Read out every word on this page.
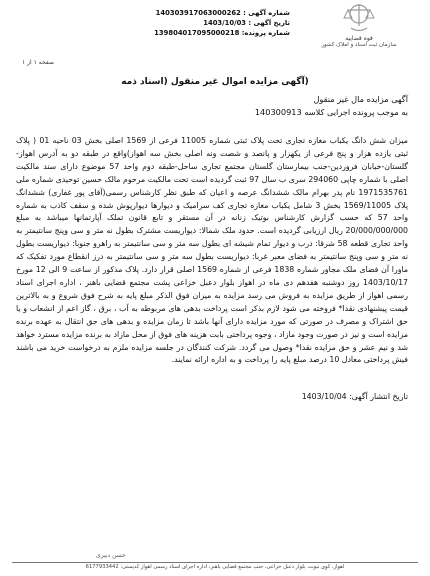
قوه قضاییه
سازمان ثبت اسناد و املاک کشور
شماره آگهی : 140303917063000262
تاریخ آگهی : 1403/10/03
شماره پرونده: 139804017095000218
صفحه ۱ از ۱
(آگهی مزایده اموال غیر منقول (اسناد ذمه
آگهی مزایده مال غیر منقول
به موجب پرونده اجرایی کلاسه 140300913

میزان شش دانگ یکباب مغازه تجاری تحت پلاک ثبتی شماره 11005 فرعی از 1569 اصلی بخش 03 ناحیه 01 ( پلاک ثبتی یازده هزار و پنج فرعی از یکهزار و پانصد و شصت ونه اصلی بخش سه اهواز)واقع در طبقه دو به آدرس اهواز-گلستان-خیابان فروردین-جنب بیمارستان گلستان مجتمع تجاری ساحل-طبقه دوم واحد 57 موضوع دارای سند مالکیت اصلی با شماره چاپی 294060 سری ب سال 97 ثبت گردیده است تحت مالکیت مرحوم مالک حسین توحیدی شماره ملی 1971535761 نام پدر بهرام مالک ششدانگ عرصه و اعیان که طبق نظر کارشناس رسمی(آقای پور غفاری) ششدانگ پلاک 1569/11005 بخش 3 شامل یکباب مغازه تجاری کف سرامیک و دیوارها دیوارپوش شده و سقف کاذب به شماره واحد 57 که حسب گزارش کارشناس بوتیک زنانه در آن مستقر و تابع قانون تملک آپارتمانها میباشد به مبلغ 20/000/000/000 ریال ارزیابی گردیده است. حدود ملک شمالا: دیواریست مشترک بطول نه متر و سی وپنج سانتیمتر به واحد تجاری قطعه 58 شرقا: درب و دیوار تمام شیشه ای بطول سه متر و سی سانتیمتر به راهرو جنوبا: دیواریست بطول نه متر و سی وپنج سانتیمتر به فضای معبر غربا: دیواریست بطول سه متر و سی سانتیمتر به درز انقطاع مورد تفکیک که ماورا آن فضای ملک مجاور شماره 1838 فرعی از شماره 1569 اصلی قرار دارد. پلاک مذکور از ساعت 9 الی 12 مورخ 1403/10/17 روز دوشنبه هفدهم دی ماه در اهواز بلوار دعبل خزاعی پشت مجتمع قضایی باهنر ، اداره اجرای اسناد رسمی اهواز از طریق مزایده به فروش می رسد مزایده به میزان فوق الذکر مبلغ پایه به شرح فوق شروع و به بالاترین قیمت پیشنهادی نقدا* فروخته می شود لازم بذکر است پرداخت بدهی های مربوطه به آب ، برق ، گاز اعم از انشعاب و یا حق اشتراک و مصرف در صورتی که مورد مزایده دارای آنها باشد تا زمان مزایده و بدهی های حق انتقال به عهده برنده مزایده است و نیز در صورت وجود مازاد ، وجوه پرداختی بابت هزینه های فوق از محل مازاد به برنده مزایده مسترد خواهد شد و نیم عشر و حق مزایده نقدا* وصول می گردد. شرکت کنندگان در جلسه مزایده ملزم به درخواست خرید می باشند فیش پرداختی معادل 10 درصد مبلغ پایه را پرداخت و به اداره ارائه نمایند.

تاریخ انتشار آگهی: 1403/10/04
حسن دبیری
اهواز، کوی نبوت، بلوار دعبل خزاعی، جنب مجتمع قضایی باهنر، اداره اجرای اسناد رسمی اهواز کدپستی: 6177933442
